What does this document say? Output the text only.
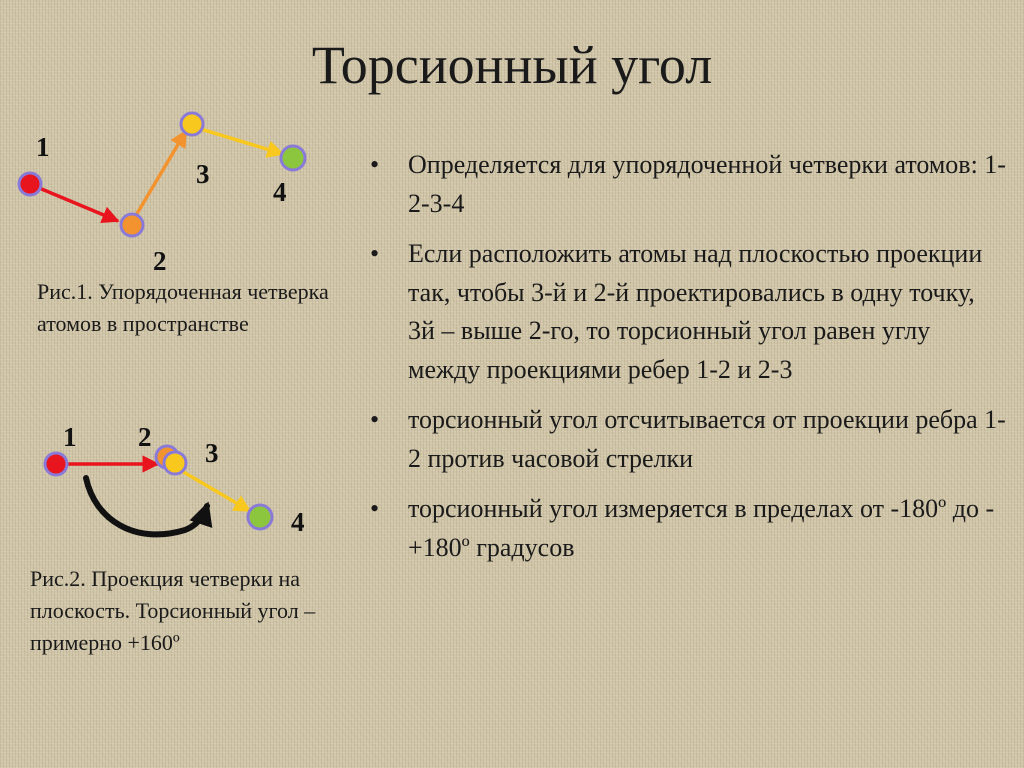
Торсионный угол
1
2
3
4
1 2
3
4

Рис.1. Упорядоченная четверка атомов в пространстве

Рис.2. Проекция четверки на плоскость. Торсионный угол – примерно +160º

• Определяется для упорядоченной четверки атомов: 1-2-3-4
• Если расположить атомы над плоскостью проекции так, чтобы 3-й и 2-й проектировались в одну точку, 3й – выше 2-го, то торсионный угол равен углу между проекциями ребер 1-2 и 2-3
• торсионный угол отсчитывается от проекции ребра 1-2 против часовой стрелки
• торсионный угол измеряется в пределах от -180º до -+180º градусов
